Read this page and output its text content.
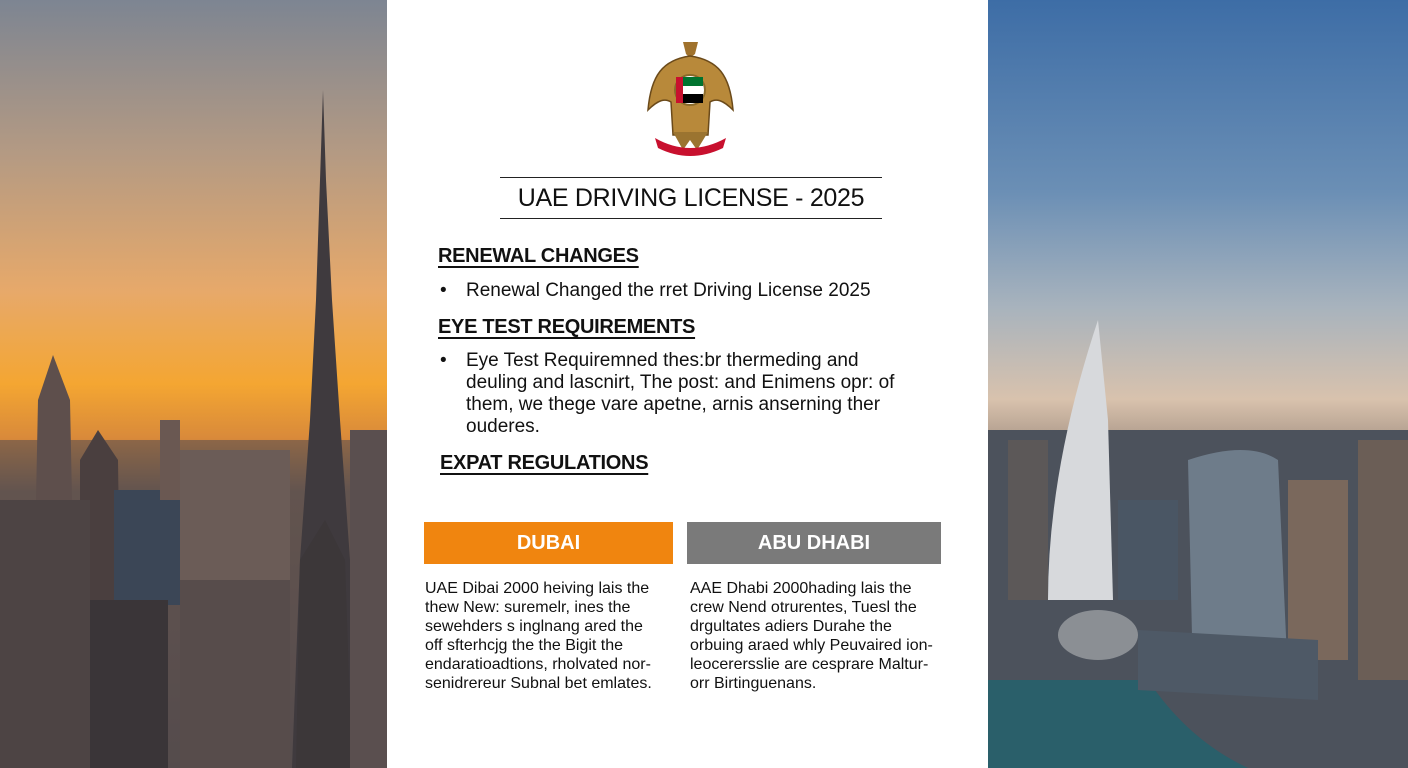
UAE DRIVING LICENSE - 2025
RENEWAL CHANGES
• Renewal Changed the rret Driving License 2025
EYE TEST REQUIREMENTS
• Eye Test Requiremned thes:br thermeding and
deuling and lascnirt, The post: and Enimens opr: of
them, we thege vare apetne, arnis anserning ther
ouderes.
EXPAT REGULATIONS
DUBAI	ABU DHABI
UAE Dibai 2000 heiving lais the
thew New: suremelr, ines the
sewehders s inglnang ared the
off sfterhcjg the the Bigit the
endaratioadtions, rholvated nor-
senidrereur Subnal bet emlates.
AAE Dhabi 2000hading lais the
crew Nend otrurentes, Tuesl the
drgultates adiers Durahe the
orbuing araed whly Peuvaired ion-
leocerersslie are cesprare Maltur-
orr Birtinguenans.
